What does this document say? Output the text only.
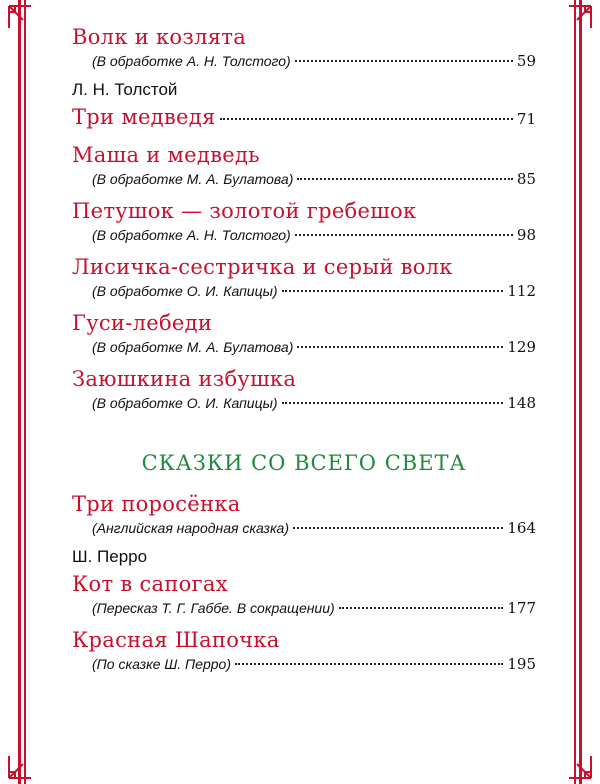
Волк и козлята
(В обработке А. Н. Толстого)	59
Л. Н. Толстой
Три медведя	71
Маша и медведь
(В обработке М. А. Булатова)	85
Петушок — золотой гребешок
(В обработке А. Н. Толстого)	98
Лисичка-сестричка и серый волк
(В обработке О. И. Капицы)	112
Гуси-лебеди
(В обработке М. А. Булатова)	129
Заюшкина избушка
(В обработке О. И. Капицы)	148
СКАЗКИ СО ВСЕГО СВЕТА
Три поросёнка
(Английская народная сказка)	164
Ш. Перро
Кот в сапогах
(Пересказ Т. Г. Габбе. В сокращении)	177
Красная Шапочка
(По сказке Ш. Перро)	195
